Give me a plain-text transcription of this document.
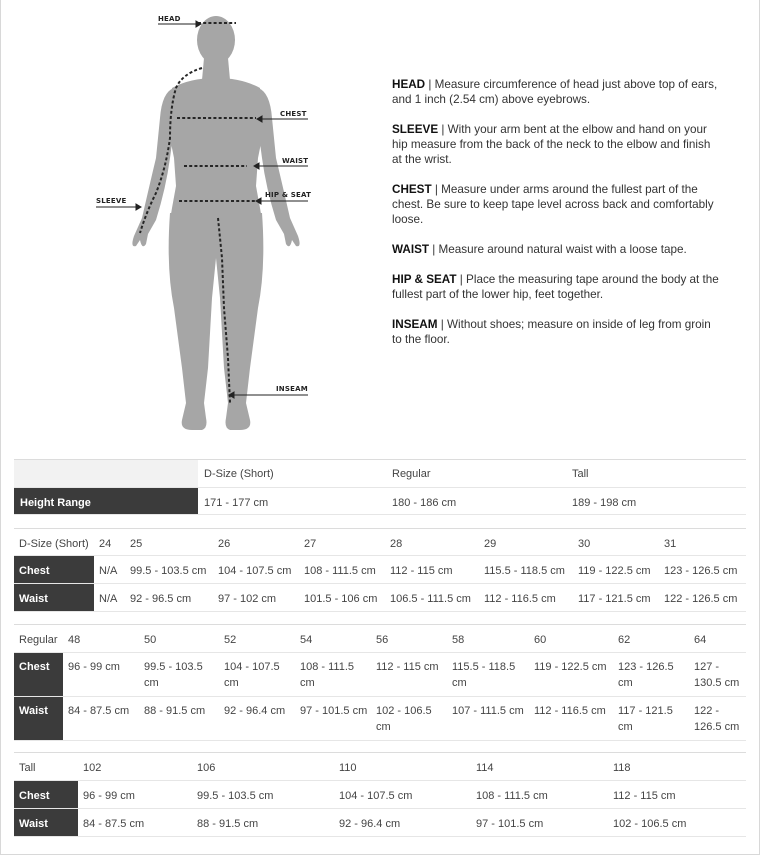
HEAD
CHEST
WAIST
HIP & SEAT
SLEEVE
INSEAM

HEAD | Measure circumference of head just above top of ears, and 1 inch (2.54 cm) above eyebrows.

SLEEVE | With your arm bent at the elbow and hand on your hip measure from the back of the neck to the elbow and finish at the wrist.

CHEST | Measure under arms around the fullest part of the chest. Be sure to keep tape level across back and comfortably loose.

WAIST | Measure around natural waist with a loose tape.

HIP & SEAT | Place the measuring tape around the body at the fullest part of the lower hip, feet together.

INSEAM | Without shoes; measure on inside of leg from groin to the floor.

	D-Size (Short)	Regular	Tall
Height Range	171 - 177 cm	180 - 186 cm	189 - 198 cm
D-Size (Short)	24	25	26	27	28	29	30	31
Chest	N/A	99.5 - 103.5 cm	104 - 107.5 cm	108 - 111.5 cm	112 - 115 cm	115.5 - 118.5 cm	119 - 122.5 cm	123 - 126.5 cm
Waist	N/A	92 - 96.5 cm	97 - 102 cm	101.5 - 106 cm	106.5 - 111.5 cm	112 - 116.5 cm	117 - 121.5 cm	122 - 126.5 cm
Regular	48	50	52	54	56	58	60	62	64
Chest	96 - 99 cm	99.5 - 103.5 cm	104 - 107.5 cm	108 - 111.5 cm	112 - 115 cm	115.5 - 118.5 cm	119 - 122.5 cm	123 - 126.5 cm	127 - 130.5 cm
Waist	84 - 87.5 cm	88 - 91.5 cm	92 - 96.4 cm	97 - 101.5 cm	102 - 106.5 cm	107 - 111.5 cm	112 - 116.5 cm	117 - 121.5 cm	122 - 126.5 cm
Tall	102	106	110	114	118
Chest	96 - 99 cm	99.5 - 103.5 cm	104 - 107.5 cm	108 - 111.5 cm	112 - 115 cm
Waist	84 - 87.5 cm	88 - 91.5 cm	92 - 96.4 cm	97 - 101.5 cm	102 - 106.5 cm
